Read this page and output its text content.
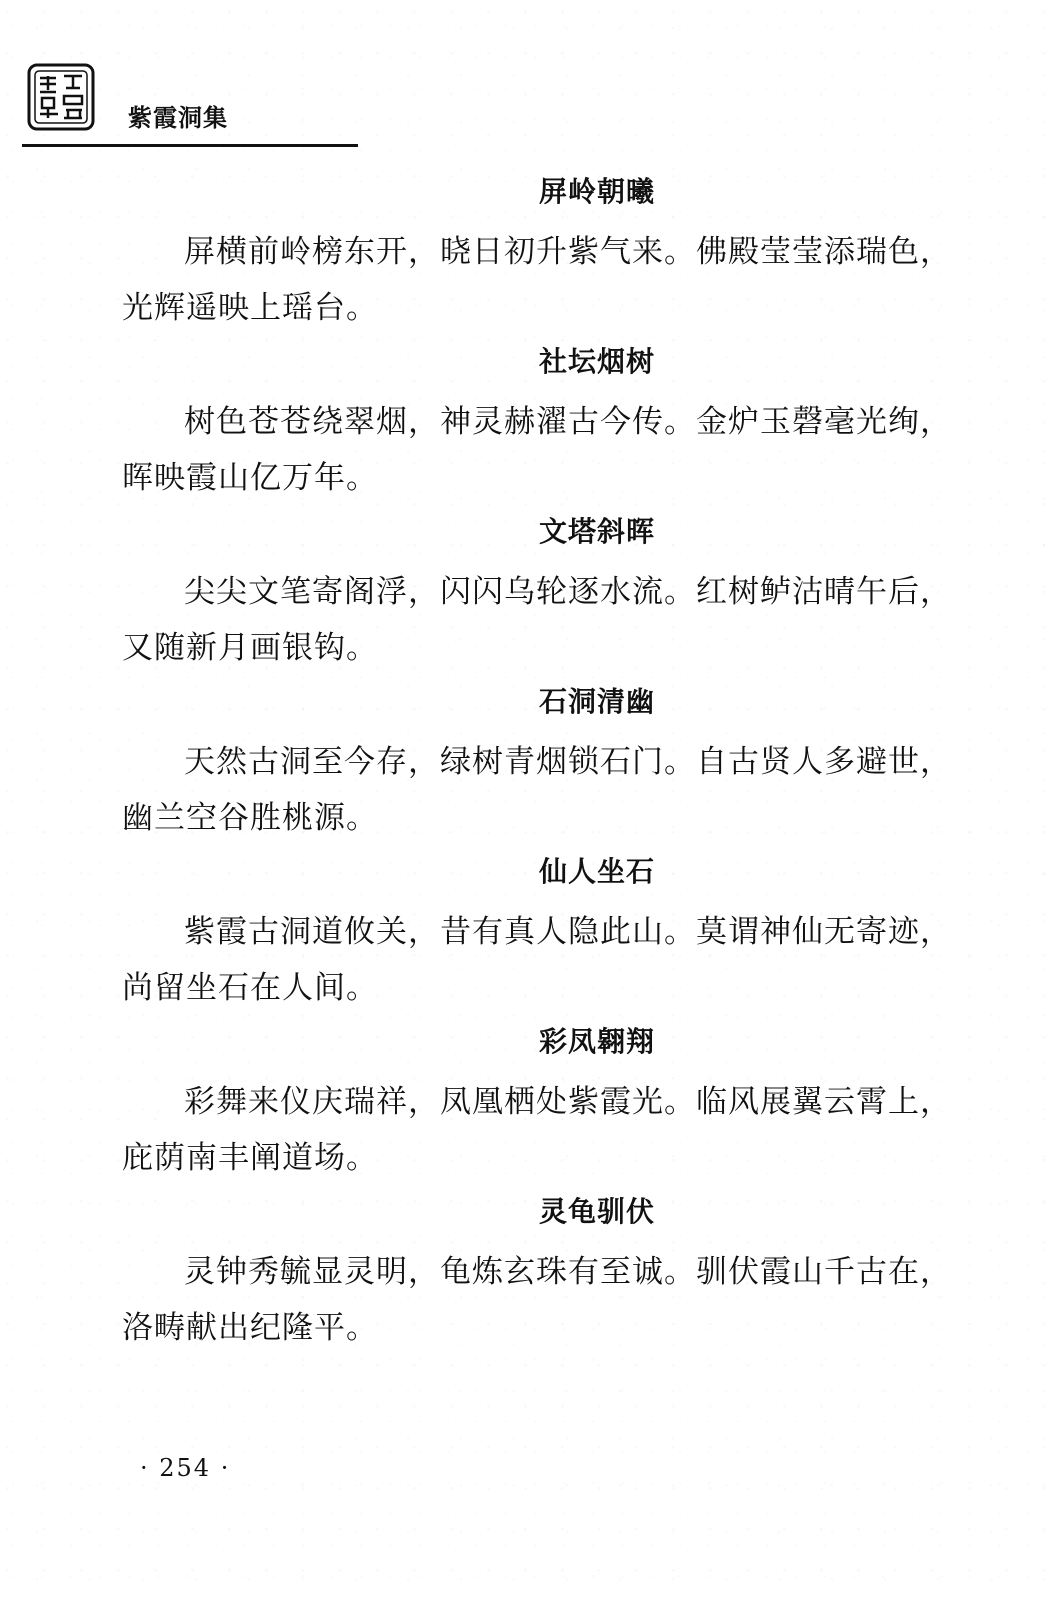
紫霞洞集
屏岭朝曦

屏横前岭榜东开，晓日初升紫气来。佛殿莹莹添瑞色，光辉遥映上瑶台。

社坛烟树

树色苍苍绕翠烟，神灵赫濯古今传。金炉玉磬毫光绚，晖映霞山亿万年。

文塔斜晖

尖尖文笔寄阁浮，闪闪乌轮逐水流。红树鲈沽晴午后，又随新月画银钩。

石洞清幽

天然古洞至今存，绿树青烟锁石门。自古贤人多避世，幽兰空谷胜桃源。

仙人坐石

紫霞古洞道攸关，昔有真人隐此山。莫谓神仙无寄迹，尚留坐石在人间。

彩凤翱翔

彩舞来仪庆瑞祥，凤凰栖处紫霞光。临风展翼云霄上，庇荫南丰阐道场。

灵龟驯伏

灵钟秀毓显灵明，龟炼玄珠有至诚。驯伏霞山千古在，洛畴献出纪隆平。

· 254 ·
